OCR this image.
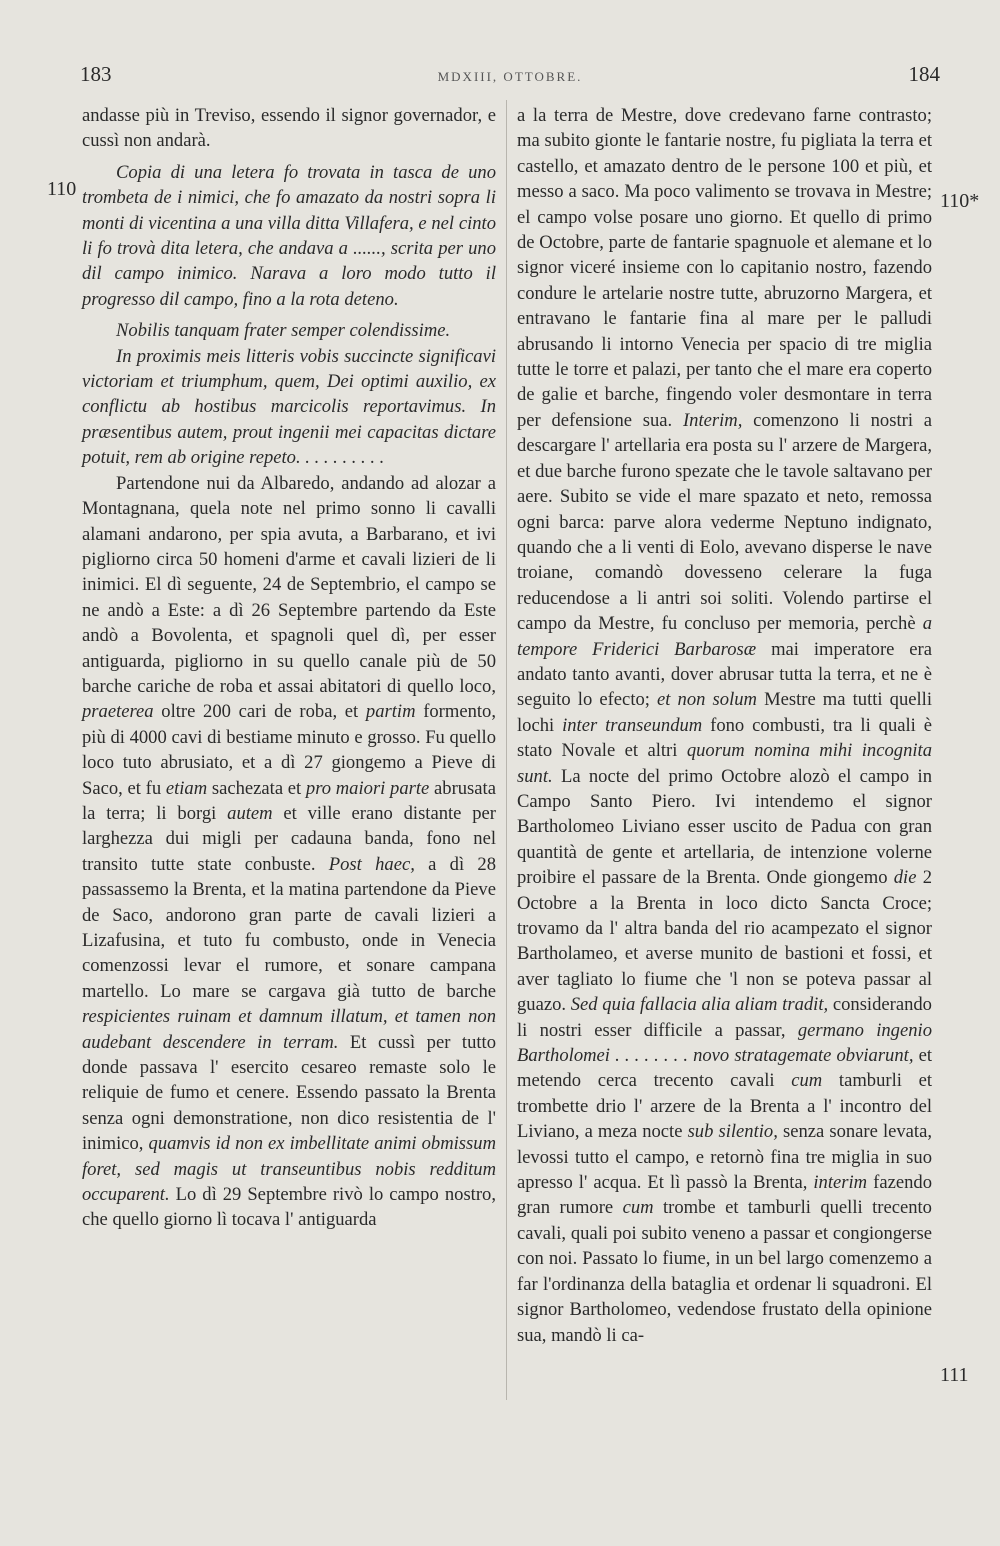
183	MDXIII, OTTOBRE.	184
110
110*
111

andasse più in Treviso, essendo il signor governador, e cussì non andarà.

Copia di una letera fo trovata in tasca de uno trombeta de i nimici, che fo amazato da nostri sopra li monti di vicentina a una villa ditta Villafera, e nel cinto li fo trovà dita letera, che andava a ......, scrita per uno dil campo inimico. Narava a loro modo tutto il progresso dil campo, fino a la rota deteno.

Nobilis tanquam frater semper colendissime.

In proximis meis litteris vobis succincte significavi victoriam et triumphum, quem, Dei optimi auxilio, ex conflictu ab hostibus marcicolis reportavimus. In præsentibus autem, prout ingenii mei capacitas dictare potuit, rem ab origine repeto. . . . . . . . . .

Partendone nui da Albaredo, andando ad alozar a Montagnana, quela note nel primo sonno li cavalli alamani andarono, per spia avuta, a Barbarano, et ivi pigliorno circa 50 homeni d'arme et cavali lizieri de li inimici. El dì seguente, 24 de Septembrio, el campo se ne andò a Este: a dì 26 Septembre partendo da Este andò a Bovolenta, et spagnoli quel dì, per esser antiguarda, pigliorno in su quello canale più de 50 barche cariche de roba et assai abitatori di quello loco, praeterea oltre 200 cari de roba, et partim formento, più di 4000 cavi di bestiame minuto e grosso. Fu quello loco tuto abrusiato, et a dì 27 giongemo a Pieve di Saco, et fu etiam sachezata et pro maiori parte abrusata la terra; li borgi autem et ville erano distante per larghezza dui migli per cadauna banda, fono nel transito tutte state conbuste. Post haec, a dì 28 passassemo la Brenta, et la matina partendone da Pieve de Saco, andorono gran parte de cavali lizieri a Lizafusina, et tuto fu combusto, onde in Venecia comenzossi levar el rumore, et sonare campana martello. Lo mare se cargava già tutto de barche respicientes ruinam et damnum illatum, et tamen non audebant descendere in terram. Et cussì per tutto donde passava l' esercito cesareo remaste solo le reliquie de fumo et cenere. Essendo passato la Brenta senza ogni demonstratione, non dico resistentia de l' inimico, quamvis id non ex imbellitate animi obmissum foret, sed magis ut transeuntibus nobis redditum occuparent. Lo dì 29 Septembre rivò lo campo nostro, che quello giorno lì tocava l' antiguarda

a la terra de Mestre, dove credevano farne contrasto; ma subito gionte le fantarie nostre, fu pigliata la terra et castello, et amazato dentro de le persone 100 et più, et messo a saco. Ma poco valimento se trovava in Mestre; el campo volse posare uno giorno. Et quello di primo de Octobre, parte de fantarie spagnuole et alemane et lo signor viceré insieme con lo capitanio nostro, fazendo condure le artelarie nostre tutte, abruzorno Margera, et entravano le fantarie fina al mare per le palludi abrusando li intorno Venecia per spacio di tre miglia tutte le torre et palazi, per tanto che el mare era coperto de galie et barche, fingendo voler desmontare in terra per defensione sua. Interim, comenzono li nostri a descargare l' artellaria era posta su l' arzere de Margera, et due barche furono spezate che le tavole saltavano per aere. Subito se vide el mare spazato et neto, remossa ogni barca: parve alora vederme Neptuno indignato, quando che a li venti di Eolo, avevano disperse le nave troiane, comandò dovesseno celerare la fuga reducendose a li antri soi soliti. Volendo partirse el campo da Mestre, fu concluso per memoria, perchè a tempore Friderici Barbarosæ mai imperatore era andato tanto avanti, dover abrusar tutta la terra, et ne è seguito lo efecto; et non solum Mestre ma tutti quelli lochi inter transeundum fono combusti, tra li quali è stato Novale et altri quorum nomina mihi incognita sunt. La nocte del primo Octobre alozò el campo in Campo Santo Piero. Ivi intendemo el signor Bartholomeo Liviano esser uscito de Padua con gran quantità de gente et artellaria, de intenzione volerne proibire el passare de la Brenta. Onde giongemo die 2 Octobre a la Brenta in loco dicto Sancta Croce; trovamo da l' altra banda del rio acampezato el signor Bartholameo, et averse munito de bastioni et fossi, et aver tagliato lo fiume che 'l non se poteva passar al guazo. Sed quia fallacia alia aliam tradit, considerando li nostri esser difficile a passar, germano ingenio Bartholomei . . . . . . . . novo stratagemate obviarunt, et metendo cerca trecento cavali cum tamburli et trombette drio l' arzere de la Brenta a l' incontro del Liviano, a meza nocte sub silentio, senza sonare levata, levossi tutto el campo, e retornò fina tre miglia in suo apresso l' acqua. Et lì passò la Brenta, interim fazendo gran rumore cum trombe et tamburli quelli trecento cavali, quali poi subito veneno a passar et congiongerse con noi. Passato lo fiume, in un bel largo comenzemo a far l'ordinanza della bataglia et ordenar li squadroni. El signor Bartholomeo, vedendose frustato della opinione sua, mandò li ca-
